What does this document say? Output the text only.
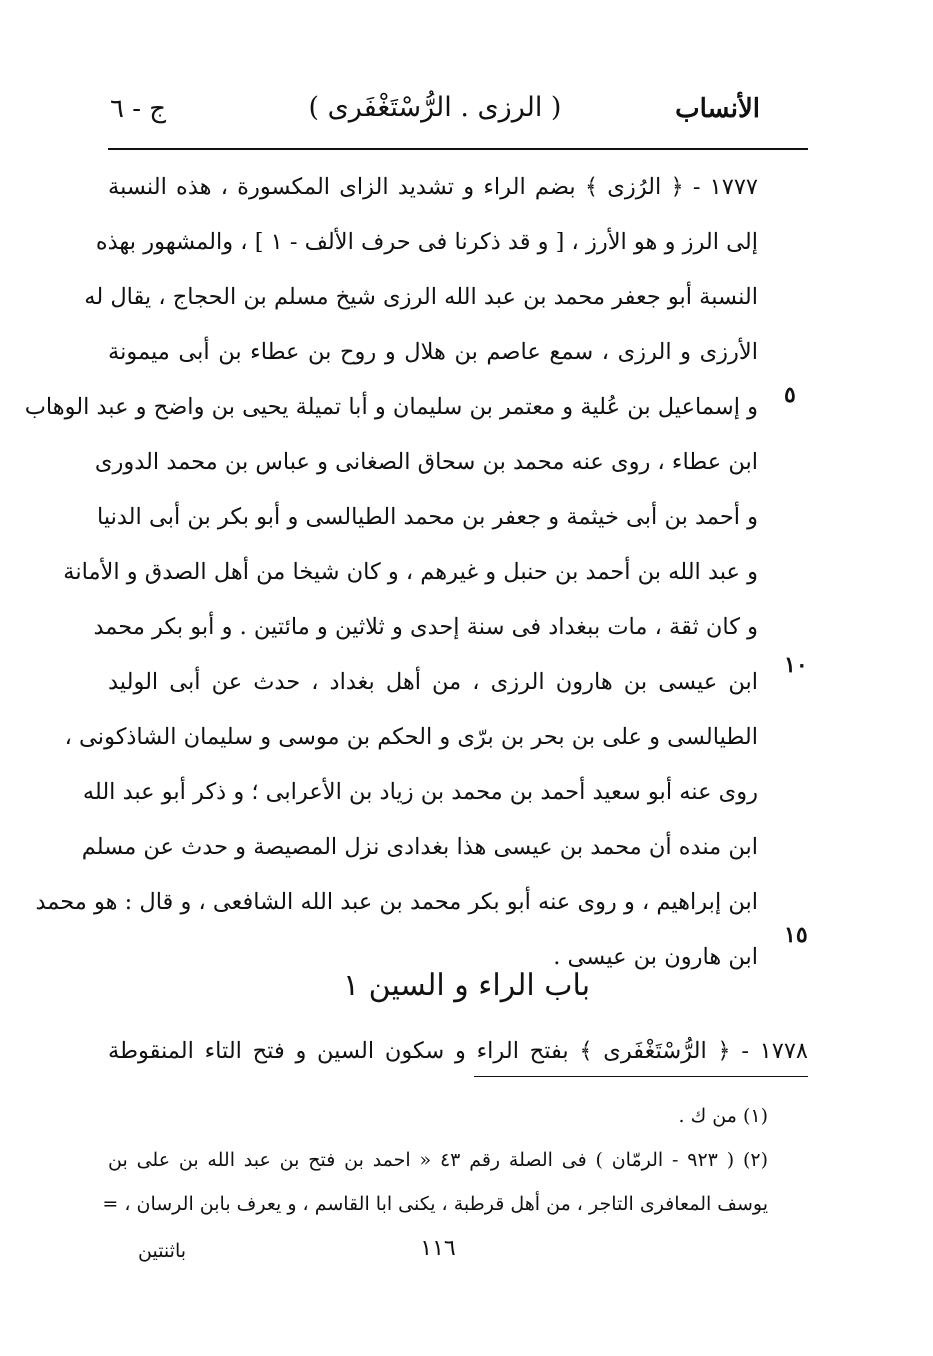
الأنساب
( الرزى . الرُّسْتَغْفَرى )
ج - ٦
١٧٧٧ - ﴿ الرُزى ﴾ بضم الراء و تشديد الزاى المكسورة ، هذه النسبة
إلى الرز و هو الأرز ، [ و قد ذكرنا فى حرف الألف - ١ ] ، والمشهور بهذه
النسبة أبو جعفر محمد بن عبد الله الرزى شيخ مسلم بن الحجاج ، يقال له
الأرزى و الرزى ، سمع عاصم بن هلال و روح بن عطاء بن أبى ميمونة
و إسماعيل بن عُلية و معتمر بن سليمان و أبا تميلة يحيى بن واضح و عبد الوهاب
ابن عطاء ، روى عنه محمد بن سحاق الصغانى و عباس بن محمد الدورى
و أحمد بن أبى خيثمة و جعفر بن محمد الطيالسى و أبو بكر بن أبى الدنيا
و عبد الله بن أحمد بن حنبل و غيرهم ، و كان شيخا من أهل الصدق و الأمانة
و كان ثقة ، مات ببغداد فى سنة إحدى و ثلاثين و مائتين . و أبو بكر محمد
ابن عيسى بن هارون الرزى ، من أهل بغداد ، حدث عن أبى الوليد
الطيالسى و على بن بحر بن برّى و الحكم بن موسى و سليمان الشاذكونى ،
روى عنه أبو سعيد أحمد بن محمد بن زياد بن الأعرابى ؛ و ذكر أبو عبد الله
ابن منده أن محمد بن عيسى هذا بغدادى نزل المصيصة و حدث عن مسلم
ابن إبراهيم ، و روى عنه أبو بكر محمد بن عبد الله الشافعى ، و قال : هو محمد
ابن هارون بن عيسى .
٥
١٠
١٥
باب الراء و السين ١
١٧٧٨ - ﴿ الرُّسْتَغْفَرى ﴾ بفتح الراء و سكون السين و فتح التاء المنقوطة
(١) من ك .
(٢) ( ٩٢٣ - الرمّان ) فى الصلة رقم ٤٣ « احمد بن فتح بن عبد الله بن على بن
يوسف المعافرى التاجر ، من أهل قرطبة ، يكنى ابا القاسم ، و يعرف بابن الرسان ، =
١١٦
باثنتين
